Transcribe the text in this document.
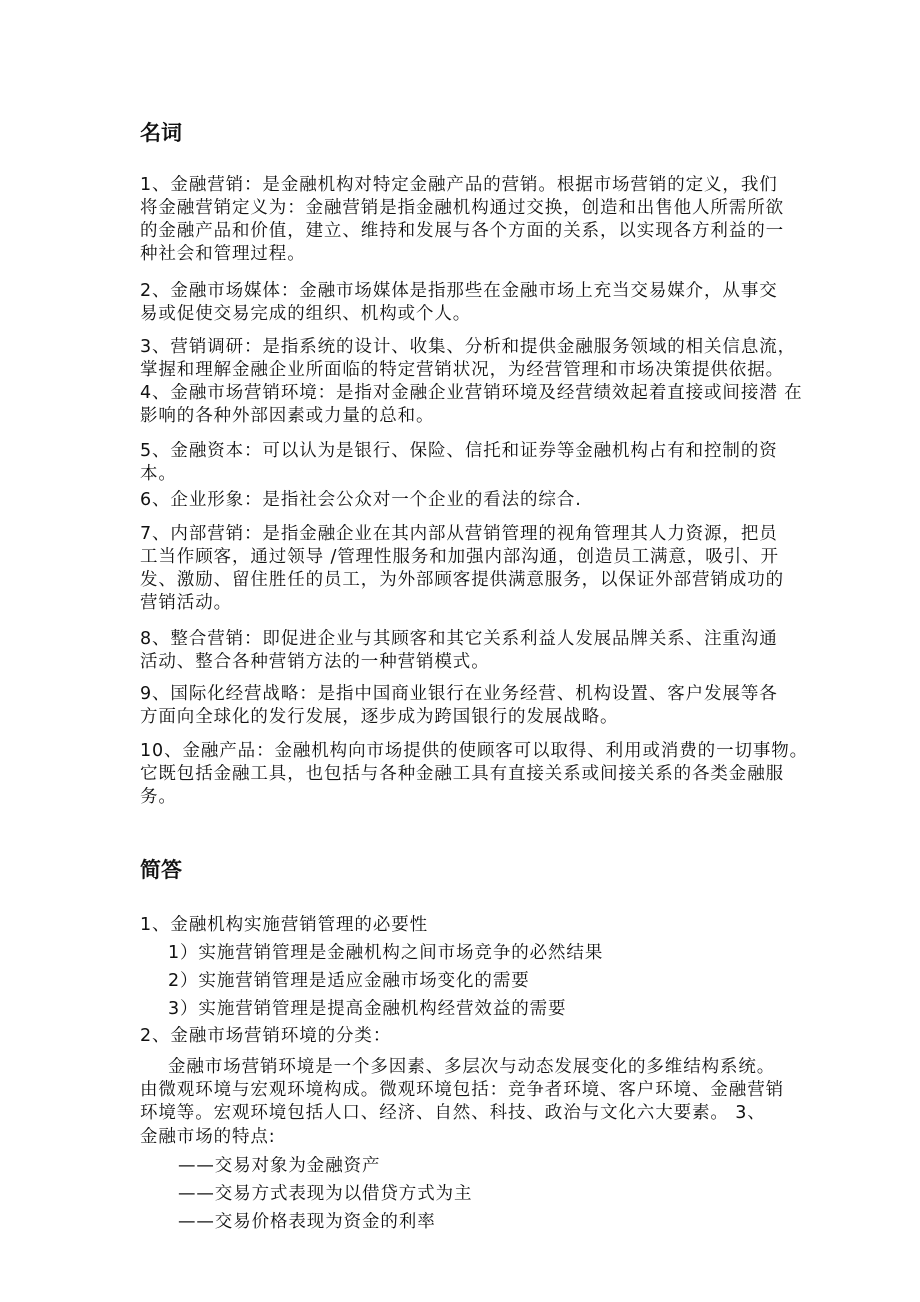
名词
简答
1、金融营销：是金融机构对特定金融产品的营销。根据市场营销的定义，我们
将金融营销定义为：金融营销是指金融机构通过交换，创造和出售他人所需所欲
的金融产品和价值，建立、维持和发展与各个方面的关系，以实现各方利益的一
种社会和管理过程。
2、金融市场媒体：金融市场媒体是指那些在金融市场上充当交易媒介，从事交
易或促使交易完成的组织、机构或个人。
3、营销调研：是指系统的设计、收集、分析和提供金融服务领域的相关信息流，
掌握和理解金融企业所面临的特定营销状况，为经营管理和市场决策提供依据。
4、金融市场营销环境：是指对金融企业营销环境及经营绩效起着直接或间接潜 在
影响的各种外部因素或力量的总和。
5、金融资本：可以认为是银行、保险、信托和证券等金融机构占有和控制的资
本。
6、企业形象：是指社会公众对一个企业的看法的综合.
7、内部营销：是指金融企业在其内部从营销管理的视角管理其人力资源，把员
工当作顾客，通过领导 /管理性服务和加强内部沟通，创造员工满意，吸引、开
发、激励、留住胜任的员工，为外部顾客提供满意服务，以保证外部营销成功的
营销活动。
8、整合营销：即促进企业与其顾客和其它关系利益人发展品牌关系、注重沟通
活动、整合各种营销方法的一种营销模式。
9、国际化经营战略：是指中国商业银行在业务经营、机构设置、客户发展等各
方面向全球化的发行发展，逐步成为跨国银行的发展战略。
10、金融产品：金融机构向市场提供的使顾客可以取得、利用或消费的一切事物。
它既包括金融工具，也包括与各种金融工具有直接关系或间接关系的各类金融服
务。
1、金融机构实施营销管理的必要性
1）实施营销管理是金融机构之间市场竞争的必然结果
2）实施营销管理是适应金融市场变化的需要
3）实施营销管理是提高金融机构经营效益的需要
2、金融市场营销环境的分类：
金融市场营销环境是一个多因素、多层次与动态发展变化的多维结构系统。
由微观环境与宏观环境构成。微观环境包括：竞争者环境、客户环境、金融营销
环境等。宏观环境包括人口、经济、自然、科技、政治与文化六大要素。 3、
金融市场的特点:
——交易对象为金融资产
——交易方式表现为以借贷方式为主
——交易价格表现为资金的利率
